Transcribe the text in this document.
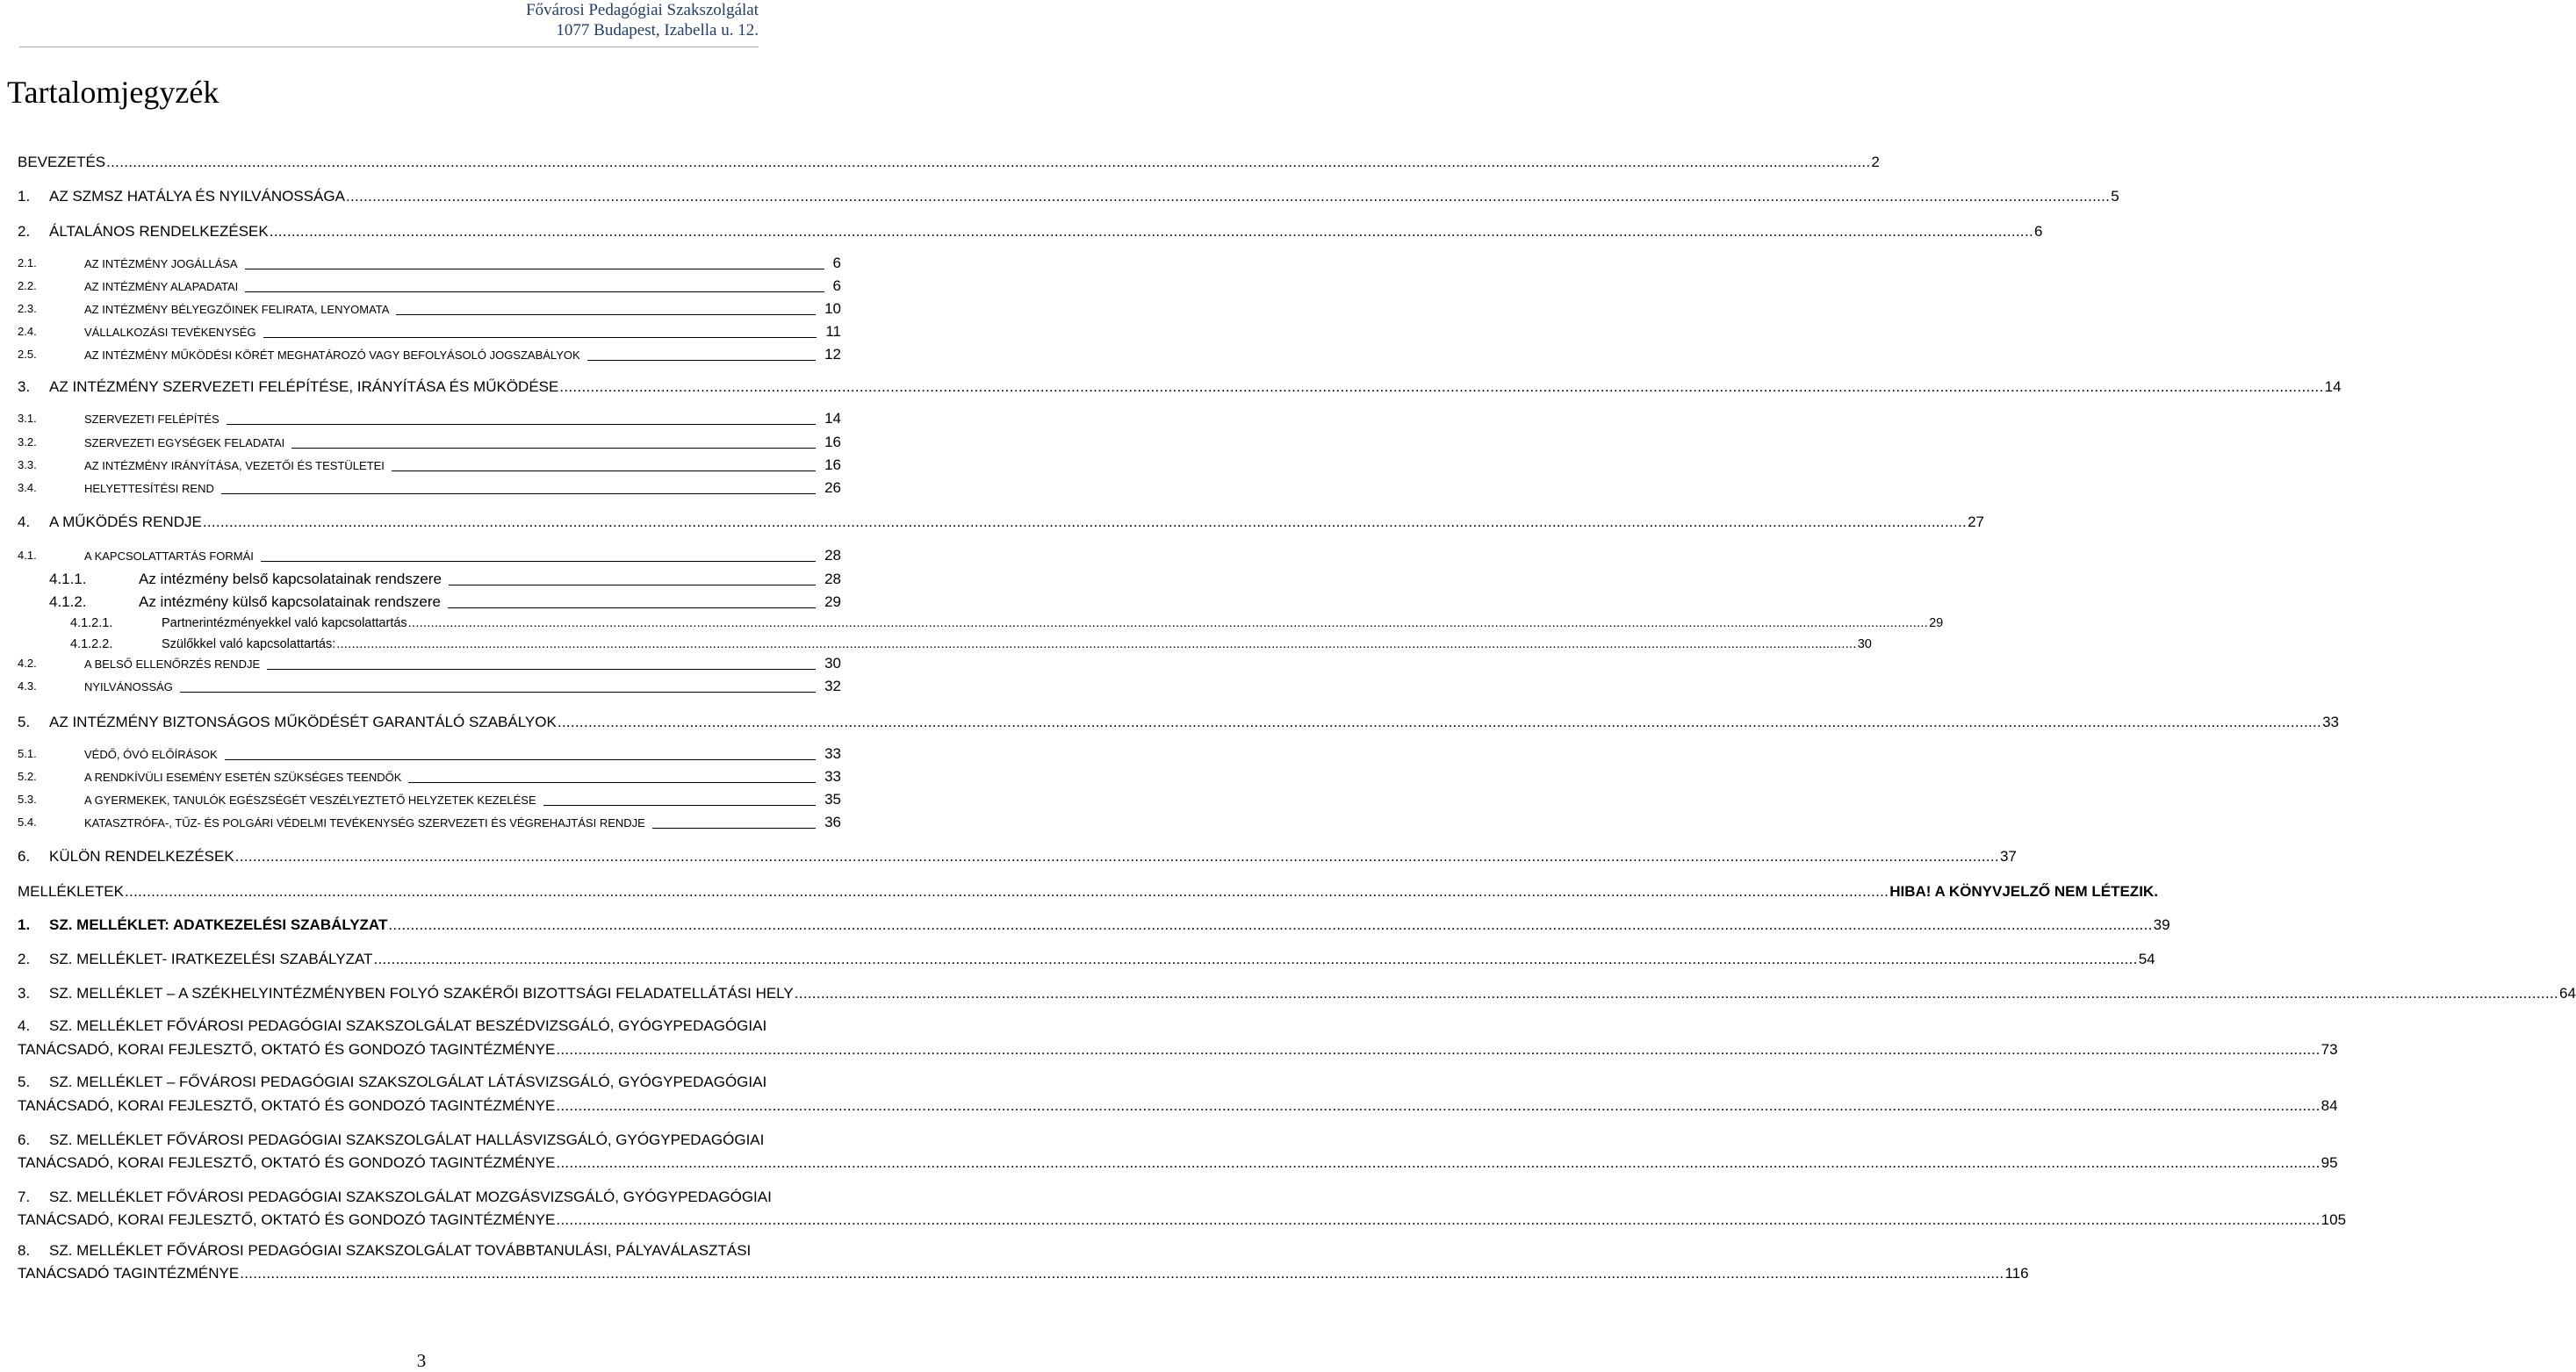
Fővárosi Pedagógiai Szakszolgálat
1077 Budapest, Izabella u. 12.
Tartalomjegyzék
BEVEZETÉS ................................................................................................................................................................................................................................................................................................................................................................................................................ 2
1. AZ SZMSZ HATÁLYA ÉS NYILVÁNOSSÁGA ................................................................................................................................................................................................................................................................................................................................................................................................................ 5
2. ÁLTALÁNOS RENDELKEZÉSEK ................................................................................................................................................................................................................................................................................................................................................................................................................ 6
2.1.	AZ INTÉZMÉNY JOGÁLLÁSA	6
2.2.	AZ INTÉZMÉNY ALAPADATAI	6
2.3.	AZ INTÉZMÉNY BÉLYEGZŐINEK FELIRATA, LENYOMATA	10
2.4.	VÁLLALKOZÁSI TEVÉKENYSÉG	11
2.5.	AZ INTÉZMÉNY MŰKÖDÉSI KÖRÉT MEGHATÁROZÓ VAGY BEFOLYÁSOLÓ JOGSZABÁLYOK	12
3. AZ INTÉZMÉNY SZERVEZETI FELÉPÍTÉSE, IRÁNYÍTÁSA ÉS MŰKÖDÉSE ................................................................................................................................................................................................................................................................................................................................................................................................................ 14
3.1.	SZERVEZETI FELÉPÍTÉS	14
3.2.	SZERVEZETI EGYSÉGEK FELADATAI	16
3.3.	AZ INTÉZMÉNY IRÁNYÍTÁSA, VEZETŐI ÉS TESTÜLETEI	16
3.4.	HELYETTESÍTÉSI REND	26
4. A MŰKÖDÉS RENDJE ................................................................................................................................................................................................................................................................................................................................................................................................................ 27
4.1.	A KAPCSOLATTARTÁS FORMÁI	28
4.1.1.	Az intézmény belső kapcsolatainak rendszere	28
4.1.2.	Az intézmény külső kapcsolatainak rendszere	29
4.1.2.1.	Partnerintézményekkel való kapcsolattartás ................................................................................................................................................................................................................................................................................................................................................................................................................ 29
4.1.2.2.	Szülőkkel való kapcsolattartás: ................................................................................................................................................................................................................................................................................................................................................................................................................ 30
4.2.	A BELSŐ ELLENŐRZÉS RENDJE	30
4.3.	NYILVÁNOSSÁG	32
5. AZ INTÉZMÉNY BIZTONSÁGOS MŰKÖDÉSÉT GARANTÁLÓ SZABÁLYOK ................................................................................................................................................................................................................................................................................................................................................................................................................ 33
5.1.	VÉDŐ, ÓVÓ ELŐÍRÁSOK	33
5.2.	A RENDKÍVÜLI ESEMÉNY ESETÉN SZÜKSÉGES TEENDŐK	33
5.3.	A GYERMEKEK, TANULÓK EGÉSZSÉGÉT VESZÉLYEZTETŐ HELYZETEK KEZELÉSE	35
5.4.	KATASZTRÓFA-, TŰZ- ÉS POLGÁRI VÉDELMI TEVÉKENYSÉG SZERVEZETI ÉS VÉGREHAJTÁSI RENDJE	36
6. KÜLÖN RENDELKEZÉSEK ................................................................................................................................................................................................................................................................................................................................................................................................................ 37
MELLÉKLETEK ................................................................................................................................................................................................................................................................................................................................................................................................................ HIBA! A KÖNYVJELZŐ NEM LÉTEZIK.
1. SZ. MELLÉKLET: ADATKEZELÉSI SZABÁLYZAT ................................................................................................................................................................................................................................................................................................................................................................................................................ 39
2. SZ. MELLÉKLET- IRATKEZELÉSI SZABÁLYZAT ................................................................................................................................................................................................................................................................................................................................................................................................................ 54
3. SZ. MELLÉKLET – A SZÉKHELYINTÉZMÉNYBEN FOLYÓ SZAKÉRŐI BIZOTTSÁGI FELADATELLÁTÁSI HELY ................................................................................................................................................................................................................................................................................................................................................................................................................ 64
4. SZ. MELLÉKLET FŐVÁROSI PEDAGÓGIAI SZAKSZOLGÁLAT BESZÉDVIZSGÁLÓ, GYÓGYPEDAGÓGIAI
TANÁCSADÓ, KORAI FEJLESZTŐ, OKTATÓ ÉS GONDOZÓ TAGINTÉZMÉNYE ................................................................................................................................................................................................................................................................................................................................................................................................................ 73
5. SZ. MELLÉKLET – FŐVÁROSI PEDAGÓGIAI SZAKSZOLGÁLAT LÁTÁSVIZSGÁLÓ, GYÓGYPEDAGÓGIAI
TANÁCSADÓ, KORAI FEJLESZTŐ, OKTATÓ ÉS GONDOZÓ TAGINTÉZMÉNYE ................................................................................................................................................................................................................................................................................................................................................................................................................ 84
6. SZ. MELLÉKLET FŐVÁROSI PEDAGÓGIAI SZAKSZOLGÁLAT HALLÁSVIZSGÁLÓ, GYÓGYPEDAGÓGIAI
TANÁCSADÓ, KORAI FEJLESZTŐ, OKTATÓ ÉS GONDOZÓ TAGINTÉZMÉNYE ................................................................................................................................................................................................................................................................................................................................................................................................................ 95
7. SZ. MELLÉKLET FŐVÁROSI PEDAGÓGIAI SZAKSZOLGÁLAT MOZGÁSVIZSGÁLÓ, GYÓGYPEDAGÓGIAI
TANÁCSADÓ, KORAI FEJLESZTŐ, OKTATÓ ÉS GONDOZÓ TAGINTÉZMÉNYE ................................................................................................................................................................................................................................................................................................................................................................................................................ 105
8. SZ. MELLÉKLET FŐVÁROSI PEDAGÓGIAI SZAKSZOLGÁLAT TOVÁBBTANULÁSI, PÁLYAVÁLASZTÁSI
TANÁCSADÓ TAGINTÉZMÉNYE ................................................................................................................................................................................................................................................................................................................................................................................................................ 116
3
